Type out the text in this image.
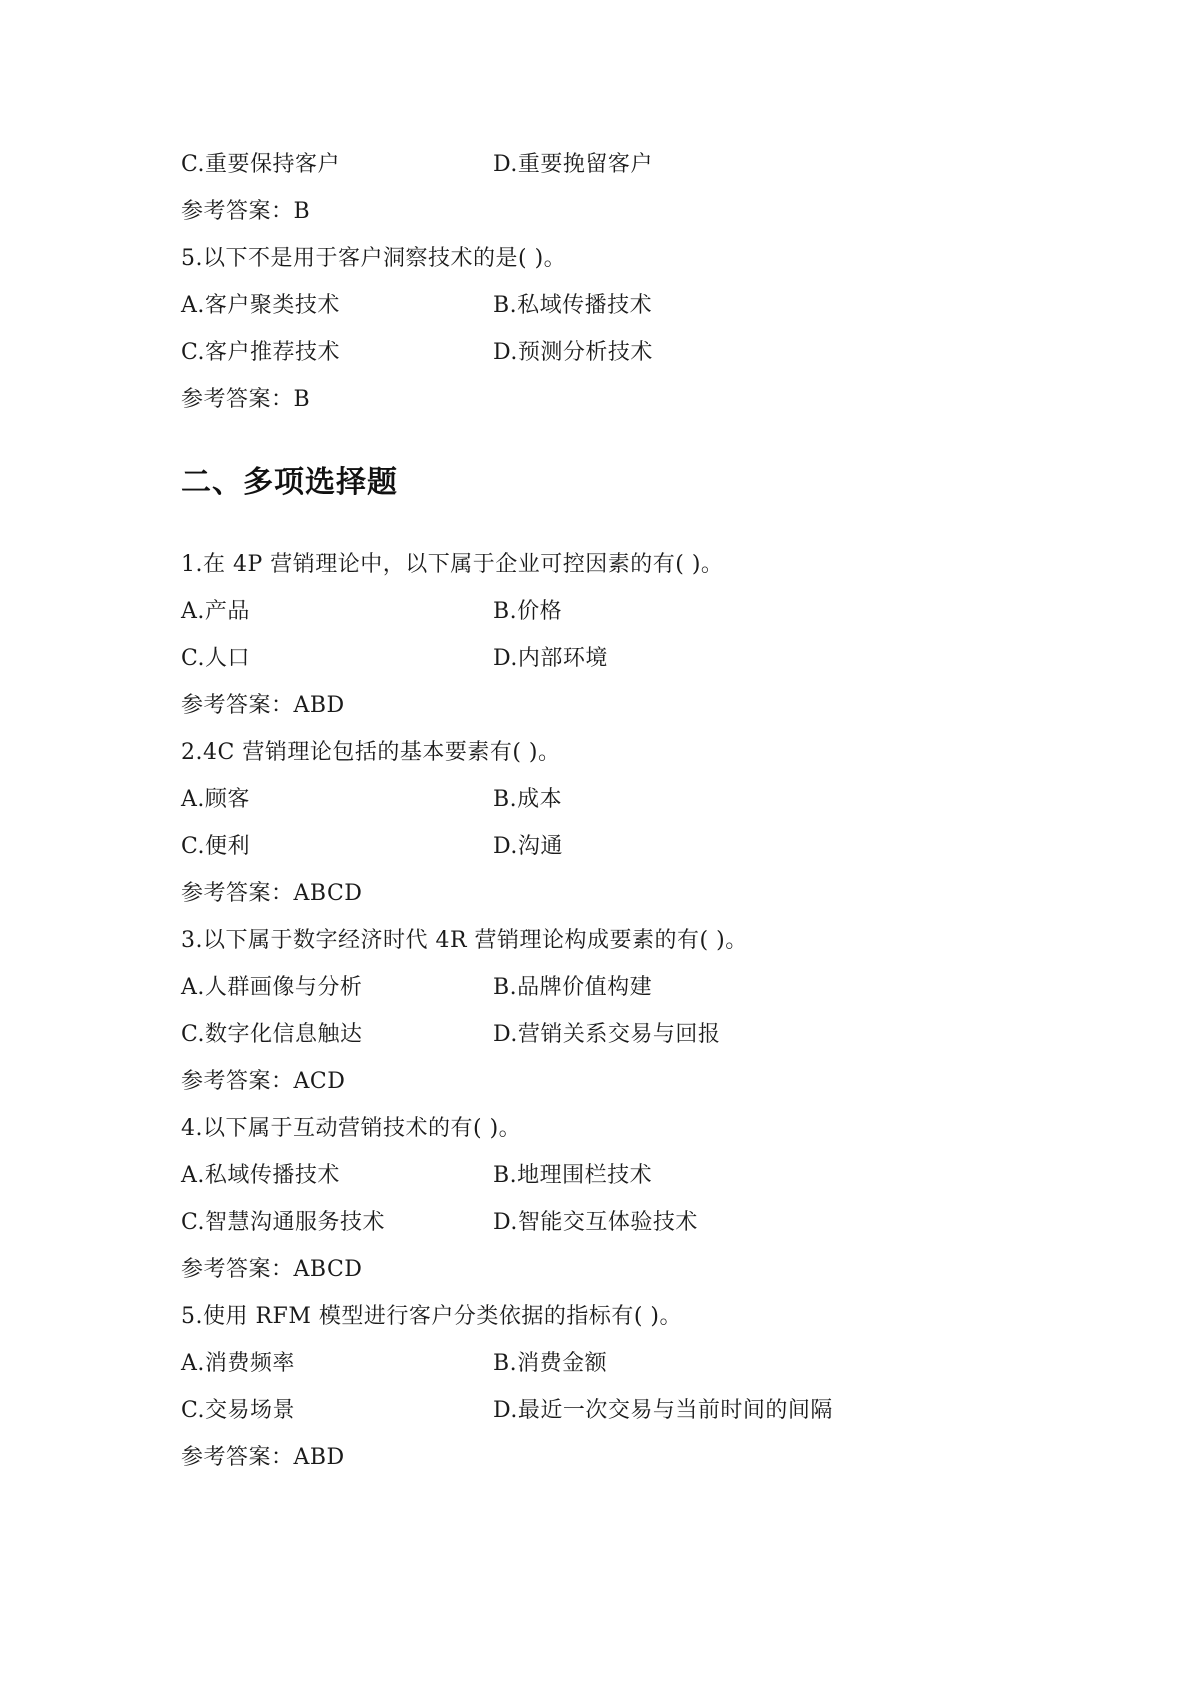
C.重要保持客户	D.重要挽留客户
参考答案：B
5.以下不是用于客户洞察技术的是( )。
A.客户聚类技术	B.私域传播技术
C.客户推荐技术	D.预测分析技术
参考答案：B
二、多项选择题
1.在 4P 营销理论中，以下属于企业可控因素的有( )。
A.产品	B.价格
C.人口	D.内部环境
参考答案：ABD
2.4C 营销理论包括的基本要素有( )。
A.顾客	B.成本
C.便利	D.沟通
参考答案：ABCD
3.以下属于数字经济时代 4R 营销理论构成要素的有( )。
A.人群画像与分析	B.品牌价值构建
C.数字化信息触达	D.营销关系交易与回报
参考答案：ACD
4.以下属于互动营销技术的有( )。
A.私域传播技术	B.地理围栏技术
C.智慧沟通服务技术	D.智能交互体验技术
参考答案：ABCD
5.使用 RFM 模型进行客户分类依据的指标有( )。
A.消费频率	B.消费金额
C.交易场景	D.最近一次交易与当前时间的间隔
参考答案：ABD
